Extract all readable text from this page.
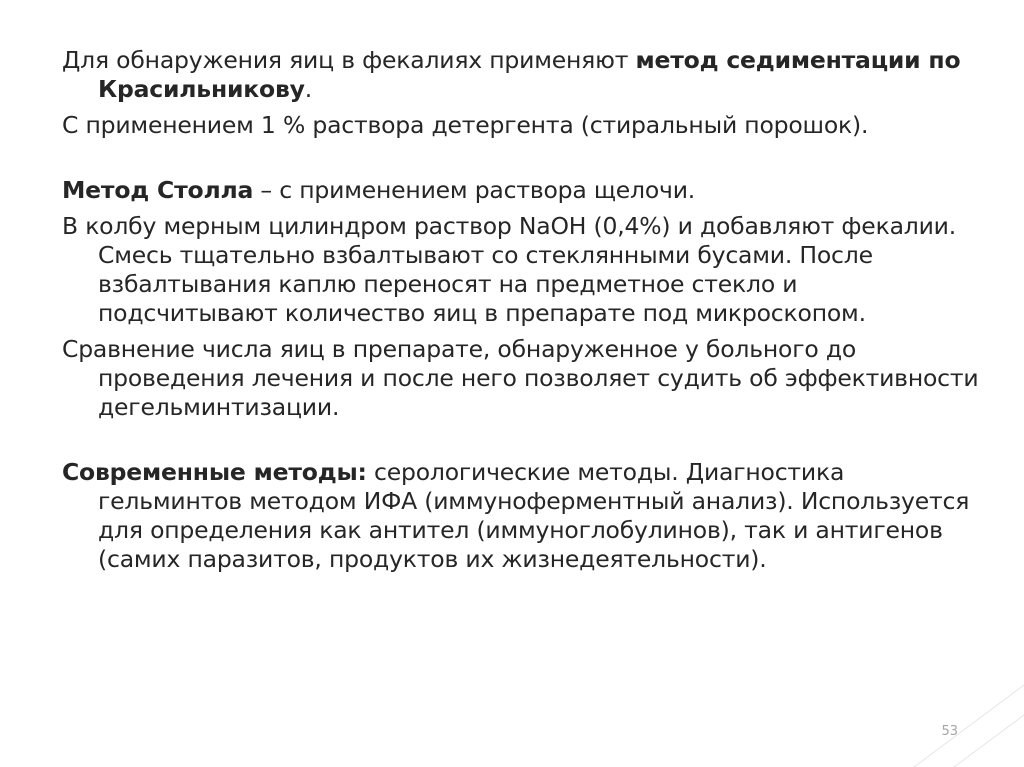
Для обнаружения яиц в фекалиях применяют метод седиментации по Красильникову.

С применением 1 % раствора детергента (стиральный порошок).

Метод Столла – с применением раствора щелочи.

В колбу мерным цилиндром раствор NaOH (0,4%) и добавляют фекалии. Смесь тщательно взбалтывают со стеклянными бусами. После взбалтывания каплю переносят на предметное стекло и подсчитывают количество яиц в препарате под микроскопом.

Сравнение числа яиц в препарате, обнаруженное у больного до проведения лечения и после него позволяет судить об эффективности дегельминтизации.

Современные методы: серологические методы. Диагностика гельминтов методом ИФА (иммуноферментный анализ). Используется для определения как антител (иммуноглобулинов), так и антигенов (самих паразитов, продуктов их жизнедеятельности).

53
